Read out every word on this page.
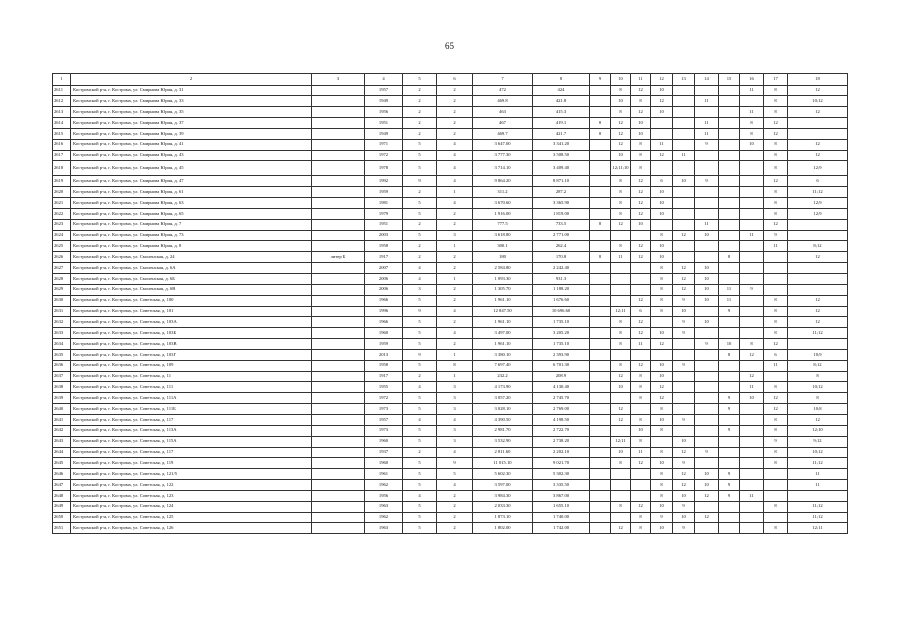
65
1	2	3	4	5	6	7	8	9	10	11	12	13	14	15	16	17	18
2611	Костромской р-н, г. Кострома, ул. Смирнова Юрия, д. 31		1957	2	2	472	424		8	12	10				11	8	12
2612	Костромской р-н, г. Кострома, ул. Смирнова Юрия, д. 33		1949	2	2	469.8	421.8		10	8	12		11			8	10;12
2613	Костромской р-н, г. Кострома, ул. Смирнова Юрия, д. 35		1956	2	2	463	415.3		8	12	10				11	8	12
2614	Костромской р-н, г. Кострома, ул. Смирнова Юрия, д. 37		1951	2	2	467	419.1	8	12	10			11		8	12	
2615	Костромской р-н, г. Кострома, ул. Смирнова Юрия, д. 39		1949	2	2	469.7	421.7	8	12	10			11		8	12	
2616	Костромской р-н, г. Кострома, ул. Смирнова Юрия, д. 41		1971	5	4	3 647.00	3 341.20		12	8	11		9		10	8	12
2617	Костромской р-н, г. Кострома, ул. Смирнова Юрия, д. 43		1972	5	4	3 777.30	3 508.50		10	8	12	11				8	12
2618	Костромской р-н, г. Кострома, ул. Смирнова Юрия, д. 45		1978	5	4	3 714.10	3 409.40		12;11;10	8						8	12;9
2619	Костромской р-н, г. Кострома, ул. Смирнова Юрия, д. 47		1992	9	4	9 864.20	8 871.10		8	12	6	10	9			12	6
2620	Костромской р-н, г. Кострома, ул. Смирнова Юрия, д. 61		1959	2	1	311.2	287.2		8	12	10					8	11;12
2621	Костромской р-н, г. Кострома, ул. Смирнова Юрия, д. 63		1981	5	4	3 670.60	3 365.90		8	12	10					8	12;9
2622	Костромской р-н, г. Кострома, ул. Смирнова Юрия, д. 65		1979	5	2	1 916.00	1 819.00		8	12	10					8	12;9
2623	Костромской р-н, г. Кострома, ул. Смирнова Юрия, д. 7		1951	2	2	777.5	733.5	8	12	10			11			12	
2624	Костромской р-н, г. Кострома, ул. Смирнова Юрия, д. 73		2003	5	3	3 618.80	2 771.00				8	12	10		11	9	
2625	Костромской р-н, г. Кострома, ул. Смирнова Юрия, д. 8		1958	2	1	300.1	262.4		8	12	10					11	8;12
2626	Костромской р-н, г. Кострома, ул. Смоленская, д. 24	литер Б	1917	2	2	180	170.8	8	11	12	10			8			12
2627	Костромской р-н, г. Кострома, ул. Смоленская, д. 6А		2007	4	2	2 584.80	2 242.40				8	12	10				
2628	Костромской р-н, г. Кострома, ул. Смоленская, д. 6Б		2006	4	1	1 093.30	931.3				8	12	10				
2629	Костромской р-н, г. Кострома, ул. Смоленская, д. 6В		2006	3	2	1 305.70	1 188.20				8	12	10	11	9		
2630	Костромской р-н, г. Кострома, ул. Советская, д. 100		1966	5	2	1 961.10	1 676.60			12	8	9	10	11		8	12
2631	Костромской р-н, г. Кострома, ул. Советская, д. 101		1996	9	4	12 847.50	10 696.60		12;11	6	8	10		9		8	12
2632	Костромской р-н, г. Кострома, ул. Советская, д. 103А		1966	5	2	1 961.10	1 735.10		8	12		9	10			8	12
2633	Костромской р-н, г. Кострома, ул. Советская, д. 103Б		1960	5	4	3 497.00	3 205.20		8	12	10	9				8	11;12
2634	Костромской р-н, г. Кострома, ул. Советская, д. 103В		1959	5	2	1 961.10	1 735.10		8	11	12		9	10	8	12	
2635	Костромской р-н, г. Кострома, ул. Советская, д. 103Г		2013	9	1	3 380.10	2 393.90							8	12	6	10;9
2636	Костромской р-н, г. Кострома, ул. Советская, д. 109		1958	5	8	7 697.40	6 701.30		8	12	10	9				11	8;12
2637	Костромской р-н, г. Кострома, ул. Советская, д. 11		1917	2	1	232.2	208.9		12	8	10				12		8
2638	Костромской р-н, г. Кострома, ул. Советская, д. 111		1955	4	3	4 173.90	4 130.40		10	8	12				11	8	10;12
2639	Костромской р-н, г. Кострома, ул. Советская, д. 111А		1972	5	3	3 057.20	2 745.70			8	12			9	10	12	8
2640	Костромской р-н, г. Кострома, ул. Советская, д. 111Б		1973	5	3	3 028.10	2 769.00		12		8			9		12	10;8
2641	Костромской р-н, г. Кострома, ул. Советская, д. 117		1957	4	4	4 390.50	4 198.50		12	8	10	9				8	12
2642	Костромской р-н, г. Кострома, ул. Советская, д. 113А		1973	5	3	2 981.70	2 722.70			10	8			9		8	12;10
2643	Костромской р-н, г. Кострома, ул. Советская, д. 115А		1960	5	3	3 532.90	2 738.20		12;11	8		10				9	9;12
2644	Костромской р-н, г. Кострома, ул. Советская, д. 117		1937	2	4	2 811.60	2 202.10		10	11	8	12	9			8	10;12
2645	Костромской р-н, г. Кострома, ул. Советская, д. 119		1960	5	9	11 015.10	9 021.70		8	12	10	9				8	11;12
2646	Костромской р-н, г. Кострома, ул. Советская, д. 121/5		1961	5	5	5 602.30	5 302.30				8	12	10	9			11
2647	Костромской р-н, г. Кострома, ул. Советская, д. 122		1962	5	4	3 597.00	3 335.50				8	12	10	9			11
2648	Костромской р-н, г. Кострома, ул. Советская, д. 123		1956	4	2	3 984.30	3 867.00				8	10	12	9	11		
2649	Костромской р-н, г. Кострома, ул. Советская, д. 124		1963	5	2	2 033.30	1 655.10		8	12	10	9				8	11;12
2650	Костромской р-н, г. Кострома, ул. Советская, д. 125		1962	5	2	1 873.10	1 740.00			8	9	10	12				11;12
2651	Костромской р-н, г. Кострома, ул. Советская, д. 126		1963	5	2	1 802.00	1 742.00		12	8	10	9				8	12;11
